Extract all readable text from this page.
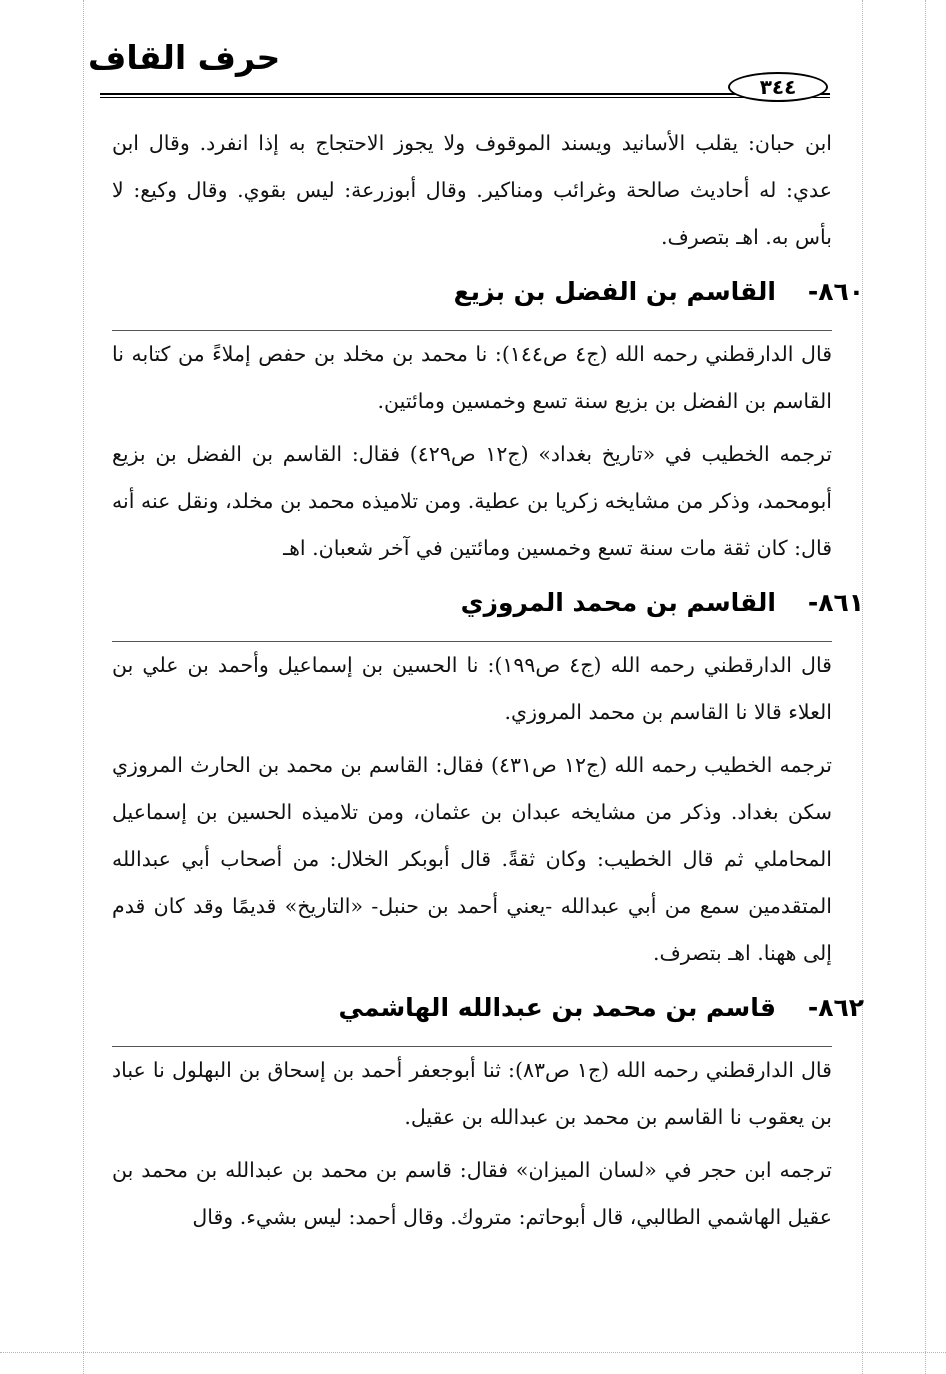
حرف القاف
٣٤٤

ابن حبان: يقلب الأسانيد ويسند الموقوف ولا يجوز الاحتجاج به إذا انفرد. وقال ابن عدي: له أحاديث صالحة وغرائب ومناكير. وقال أبوزرعة: ليس بقوي. وقال وكيع: لا بأس به. اهـ بتصرف.

٨٦٠-
القاسم بن الفضل بن بزيع

قال الدارقطني رحمه الله (ج٤ ص١٤٤): نا محمد بن مخلد بن حفص إملاءً من كتابه نا القاسم بن الفضل بن بزيع سنة تسع وخمسين ومائتين.

ترجمه الخطيب في «تاريخ بغداد» (ج١٢ ص٤٢٩) فقال: القاسم بن الفضل بن بزيع أبومحمد، وذكر من مشايخه زكريا بن عطية. ومن تلاميذه محمد بن مخلد، ونقل عنه أنه قال: كان ثقة مات سنة تسع وخمسين ومائتين في آخر شعبان. اهـ

٨٦١-
القاسم بن محمد المروزي

قال الدارقطني رحمه الله (ج٤ ص١٩٩): نا الحسين بن إسماعيل وأحمد بن علي بن العلاء قالا نا القاسم بن محمد المروزي.

ترجمه الخطيب رحمه الله (ج١٢ ص٤٣١) فقال: القاسم بن محمد بن الحارث المروزي سكن بغداد. وذكر من مشايخه عبدان بن عثمان، ومن تلاميذه الحسين بن إسماعيل المحاملي ثم قال الخطيب: وكان ثقةً. قال أبوبكر الخلال: من أصحاب أبي عبدالله المتقدمين سمع من أبي عبدالله -يعني أحمد بن حنبل- «التاريخ» قديمًا وقد كان قدم إلى ههنا. اهـ بتصرف.

٨٦٢-
قاسم بن محمد بن عبدالله الهاشمي

قال الدارقطني رحمه الله (ج١ ص٨٣): ثنا أبوجعفر أحمد بن إسحاق بن البهلول نا عباد بن يعقوب نا القاسم بن محمد بن عبدالله بن عقيل.

ترجمه ابن حجر في «لسان الميزان» فقال: قاسم بن محمد بن عبدالله بن محمد بن عقيل الهاشمي الطالبي، قال أبوحاتم: متروك. وقال أحمد: ليس بشيء. وقال
